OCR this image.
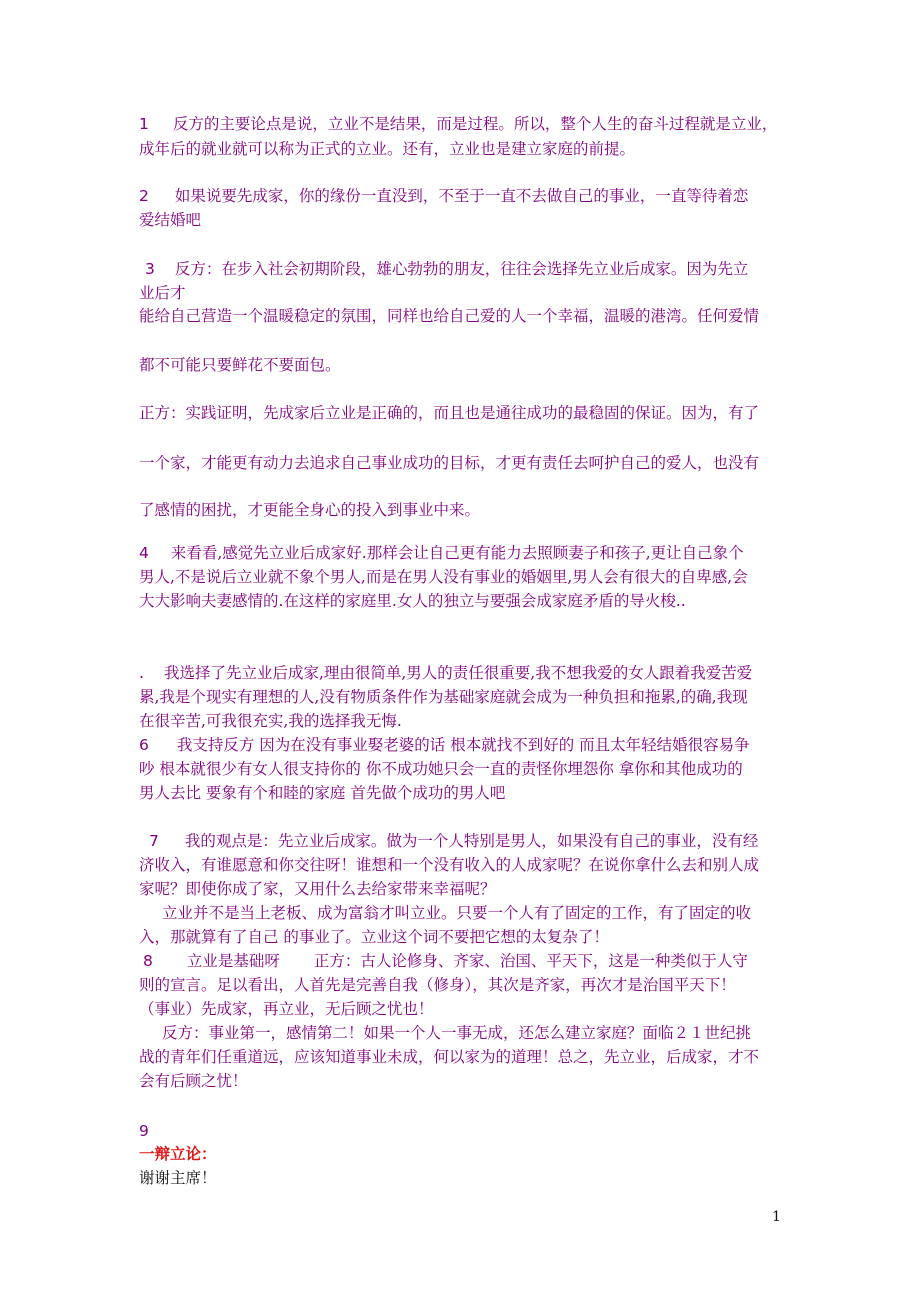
1 反方的主要论点是说，立业不是结果，而是过程。所以，整个人生的奋斗过程就是立业，

成年后的就业就可以称为正式的立业。还有，立业也是建立家庭的前提。

2 如果说要先成家，你的缘份一直没到，不至于一直不去做自己的事业，一直等待着恋

爱结婚吧

3 反方：在步入社会初期阶段，雄心勃勃的朋友，往往会选择先立业后成家。因为先立

业后才

能给自己营造一个温暖稳定的氛围，同样也给自己爱的人一个幸福，温暖的港湾。任何爱情

都不可能只要鲜花不要面包。

正方：实践证明，先成家后立业是正确的，而且也是通往成功的最稳固的保证。因为，有了

一个家，才能更有动力去追求自己事业成功的目标，才更有责任去呵护自己的爱人，也没有

了感情的困扰，才更能全身心的投入到事业中来。

4 来看看,感觉先立业后成家好.那样会让自己更有能力去照顾妻子和孩子,更让自己象个

男人,不是说后立业就不象个男人,而是在男人没有事业的婚姻里,男人会有很大的自卑感,会

大大影响夫妻感情的.在这样的家庭里.女人的独立与要强会成家庭矛盾的导火梭..

. 我选择了先立业后成家,理由很简单,男人的责任很重要,我不想我爱的女人跟着我爱苦爱

累,我是个现实有理想的人,没有物质条件作为基础家庭就会成为一种负担和拖累,的确,我现

在很辛苦,可我很充实,我的选择我无悔.

6 我支持反方 因为在没有事业娶老婆的话 根本就找不到好的 而且太年轻结婚很容易争

吵 根本就很少有女人很支持你的 你不成功她只会一直的责怪你埋怨你 拿你和其他成功的

男人去比 要象有个和睦的家庭 首先做个成功的男人吧

7 我的观点是：先立业后成家。做为一个人特别是男人，如果没有自己的事业，没有经

济收入，有谁愿意和你交往呀！谁想和一个没有收入的人成家呢？在说你拿什么去和别人成

家呢？即使你成了家，又用什么去给家带来幸福呢？

立业并不是当上老板、成为富翁才叫立业。只要一个人有了固定的工作，有了固定的收

入，那就算有了自己 的事业了。立业这个词不要把它想的太复杂了！

8 立业是基础呀 正方：古人论修身、齐家、治国、平天下，这是一种类似于人守

则的宣言。足以看出，人首先是完善自我（修身），其次是齐家，再次才是治国平天下！

（事业）先成家，再立业，无后顾之忧也！

反方：事业第一，感情第二！如果一个人一事无成，还怎么建立家庭？面临２１世纪挑

战的青年们任重道远，应该知道事业未成，何以家为的道理！总之，先立业，后成家，才不

会有后顾之忧！

9

一辩立论：

谢谢主席！

1
